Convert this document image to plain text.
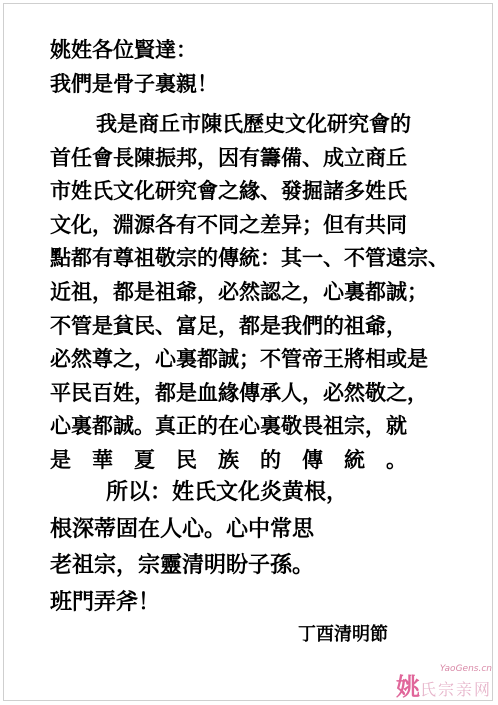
姚姓各位賢達：
我們是骨子裏親！
我是商丘市陳氏歷史文化研究會的
首任會長陳振邦，因有籌備、成立商丘
市姓氏文化研究會之緣、發掘諸多姓氏
文化，淵源各有不同之差异；但有共同
點都有尊祖敬宗的傳統：其一、不管遠宗、
近祖，都是祖爺，必然認之，心裏都誠；
不管是貧民、富足，都是我們的祖爺，
必然尊之，心裏都誠；不管帝王將相或是
平民百姓，都是血緣傳承人，必然敬之，
心裏都誠。真正的在心裏敬畏祖宗，就
是　華　夏　民　族　的　傳　統　。
所以：姓氏文化炎黄根，
根深蒂固在人心。心中常思
老祖宗，宗靈清明盼子孫。
班門弄斧！
丁酉清明節
YaoGens.cn
姚氏宗亲网
